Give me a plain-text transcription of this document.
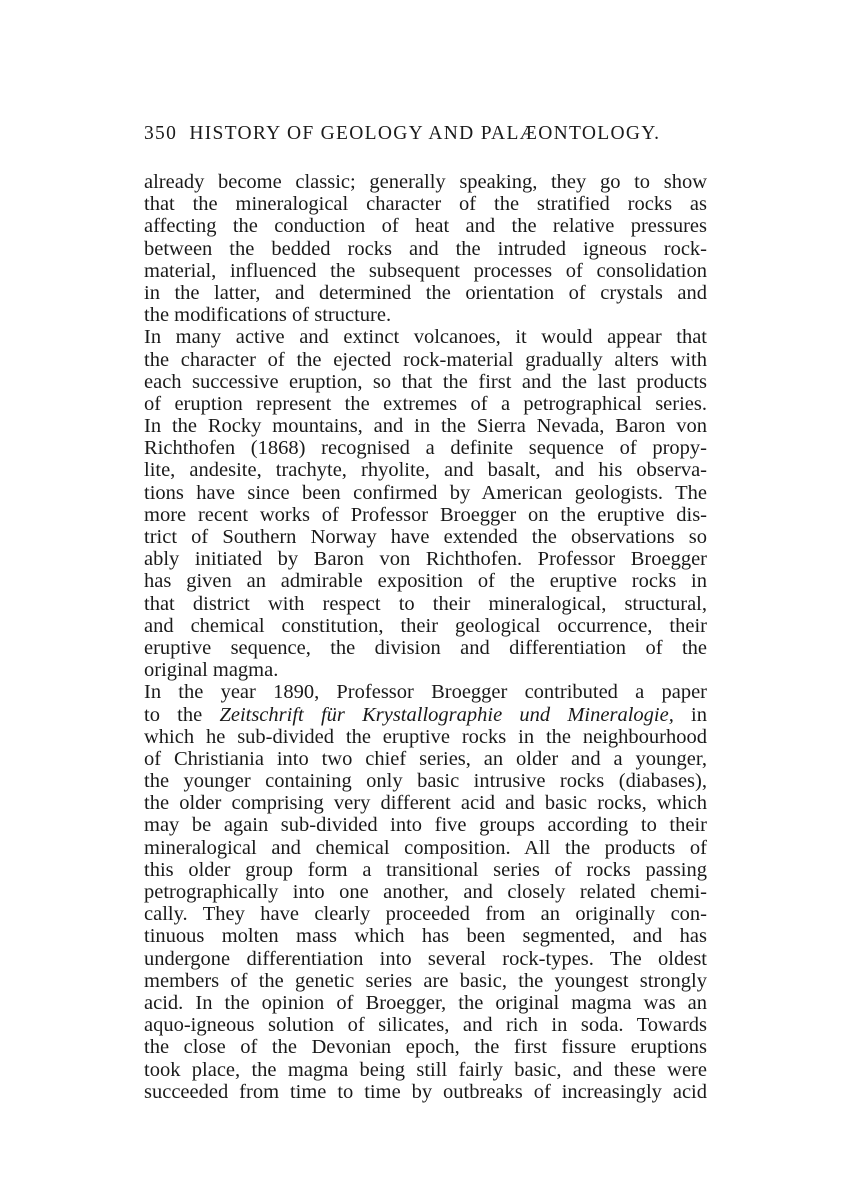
350 HISTORY OF GEOLOGY AND PALÆONTOLOGY.
already become classic; generally speaking, they go to show
that the mineralogical character of the stratified rocks as
affecting the conduction of heat and the relative pressures
between the bedded rocks and the intruded igneous rock-
material, influenced the subsequent processes of consolidation
in the latter, and determined the orientation of crystals and
the modifications of structure.
In many active and extinct volcanoes, it would appear that
the character of the ejected rock-material gradually alters with
each successive eruption, so that the first and the last products
of eruption represent the extremes of a petrographical series.
In the Rocky mountains, and in the Sierra Nevada, Baron von
Richthofen (1868) recognised a definite sequence of propy-
lite, andesite, trachyte, rhyolite, and basalt, and his observa-
tions have since been confirmed by American geologists. The
more recent works of Professor Broegger on the eruptive dis-
trict of Southern Norway have extended the observations so
ably initiated by Baron von Richthofen. Professor Broegger
has given an admirable exposition of the eruptive rocks in
that district with respect to their mineralogical, structural,
and chemical constitution, their geological occurrence, their
eruptive sequence, the division and differentiation of the
original magma.
In the year 1890, Professor Broegger contributed a paper
to the Zeitschrift für Krystallographie und Mineralogie, in
which he sub-divided the eruptive rocks in the neighbourhood
of Christiania into two chief series, an older and a younger,
the younger containing only basic intrusive rocks (diabases),
the older comprising very different acid and basic rocks, which
may be again sub-divided into five groups according to their
mineralogical and chemical composition. All the products of
this older group form a transitional series of rocks passing
petrographically into one another, and closely related chemi-
cally. They have clearly proceeded from an originally con-
tinuous molten mass which has been segmented, and has
undergone differentiation into several rock-types. The oldest
members of the genetic series are basic, the youngest strongly
acid. In the opinion of Broegger, the original magma was an
aquo-igneous solution of silicates, and rich in soda. Towards
the close of the Devonian epoch, the first fissure eruptions
took place, the magma being still fairly basic, and these were
succeeded from time to time by outbreaks of increasingly acid
